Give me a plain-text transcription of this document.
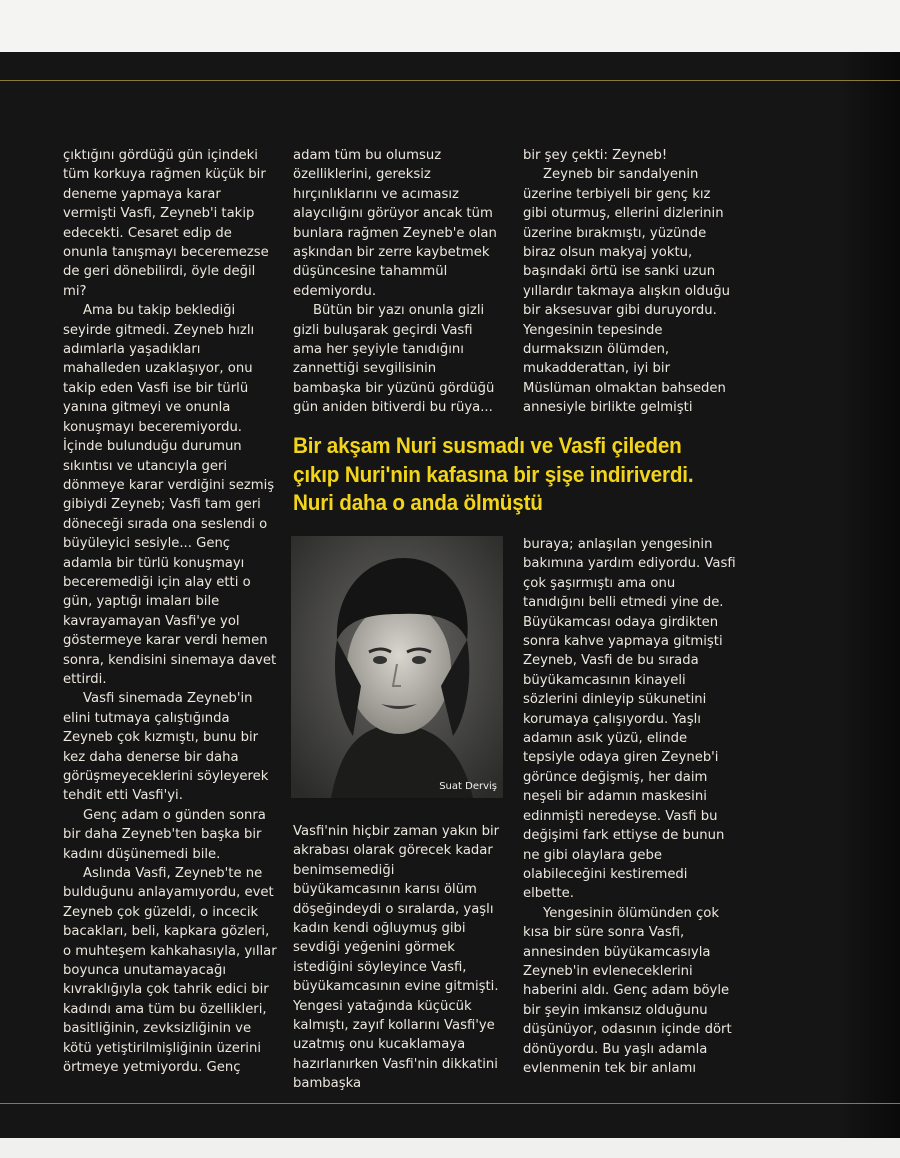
çıktığını gördüğü gün içindeki tüm korkuya rağmen küçük bir deneme yapmaya karar vermişti Vasfi, Zeyneb'i takip edecekti. Cesaret edip de onunla tanışmayı beceremezse de geri dönebilirdi, öyle değil mi?

Ama bu takip beklediği seyirde gitmedi. Zeyneb hızlı adımlarla yaşadıkları mahalleden uzaklaşıyor, onu takip eden Vasfi ise bir türlü yanına gitmeyi ve onunla konuşmayı beceremiyordu. İçinde bulunduğu durumun sıkıntısı ve utancıyla geri dönmeye karar verdiğini sezmiş gibiydi Zeyneb; Vasfi tam geri döneceği sırada ona seslendi o büyüleyici sesiyle... Genç adamla bir türlü konuşmayı beceremediği için alay etti o gün, yaptığı imaları bile kavrayamayan Vasfi'ye yol göstermeye karar verdi hemen sonra, kendisini sinemaya davet ettirdi.

Vasfi sinemada Zeyneb'in elini tutmaya çalıştığında Zeyneb çok kızmıştı, bunu bir kez daha denerse bir daha görüşmeyeceklerini söyleyerek tehdit etti Vasfi'yi.

Genç adam o günden sonra bir daha Zeyneb'ten başka bir kadını düşünemedi bile.

Aslında Vasfi, Zeyneb'te ne bulduğunu anlayamıyordu, evet Zeyneb çok güzeldi, o incecik bacakları, beli, kapkara gözleri, o muhteşem kahkahasıyla, yıllar boyunca unutamayacağı kıvraklığıyla çok tahrik edici bir kadındı ama tüm bu özellikleri, basitliğinin, zevksizliğinin ve kötü yetiştirilmişliğinin üzerini örtmeye yetmiyordu. Genç

adam tüm bu olumsuz özelliklerini, gereksiz hırçınlıklarını ve acımasız alaycılığını görüyor ancak tüm bunlara rağmen Zeyneb'e olan aşkından bir zerre kaybetmek düşüncesine tahammül edemiyordu.

Bütün bir yazı onunla gizli gizli buluşarak geçirdi Vasfi ama her şeyiyle tanıdığını zannettiği sevgilisinin bambaşka bir yüzünü gördüğü gün aniden bitiverdi bu rüya...

bir şey çekti: Zeyneb!

Zeyneb bir sandalyenin üzerine terbiyeli bir genç kız gibi oturmuş, ellerini dizlerinin üzerine bırakmıştı, yüzünde biraz olsun makyaj yoktu, başındaki örtü ise sanki uzun yıllardır takmaya alışkın olduğu bir aksesuvar gibi duruyordu. Yengesinin tepesinde durmaksızın ölümden, mukadderattan, iyi bir Müslüman olmaktan bahseden annesiyle birlikte gelmişti

Bir akşam Nuri susmadı ve Vasfi çileden çıkıp Nuri'nin kafasına bir şişe indiriverdi. Nuri daha o anda ölmüştü
Suat Derviş

Vasfi'nin hiçbir zaman yakın bir akrabası olarak görecek kadar benimsemediği büyükamcasının karısı ölüm döşeğindeydi o sıralarda, yaşlı kadın kendi oğluymuş gibi sevdiği yeğenini görmek istediğini söyleyince Vasfi, büyükamcasının evine gitmişti. Yengesi yatağında küçücük kalmıştı, zayıf kollarını Vasfi'ye uzatmış onu kucaklamaya hazırlanırken Vasfi'nin dikkatini bambaşka

buraya; anlaşılan yengesinin bakımına yardım ediyordu. Vasfi çok şaşırmıştı ama onu tanıdığını belli etmedi yine de. Büyükamcası odaya girdikten sonra kahve yapmaya gitmişti Zeyneb, Vasfi de bu sırada büyükamcasının kinayeli sözlerini dinleyip sükunetini korumaya çalışıyordu. Yaşlı adamın asık yüzü, elinde tepsiyle odaya giren Zeyneb'i görünce değişmiş, her daim neşeli bir adamın maskesini edinmişti neredeyse. Vasfi bu değişimi fark ettiyse de bunun ne gibi olaylara gebe olabileceğini kestiremedi elbette.

Yengesinin ölümünden çok kısa bir süre sonra Vasfi, annesinden büyükamcasıyla Zeyneb'in evleneceklerini haberini aldı. Genç adam böyle bir şeyin imkansız olduğunu düşünüyor, odasının içinde dört dönüyordu. Bu yaşlı adamla evlenmenin tek bir anlamı
